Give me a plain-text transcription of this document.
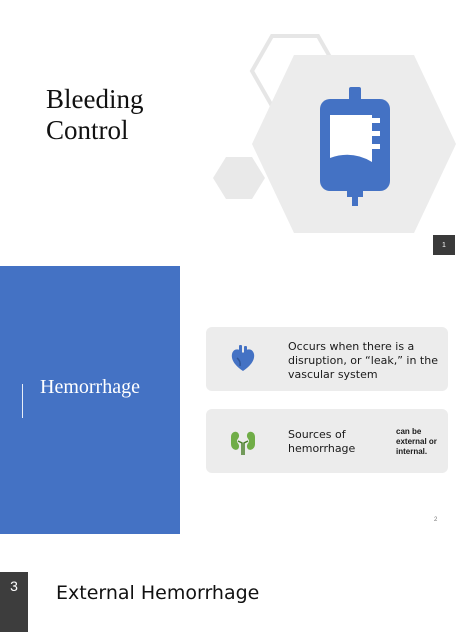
Bleeding
Control
1
Hemorrhage
Occurs when there is a disruption, or “leak,” in the vascular system
Sources of hemorrhage
can be external or internal.
2
3	External Hemorrhage
